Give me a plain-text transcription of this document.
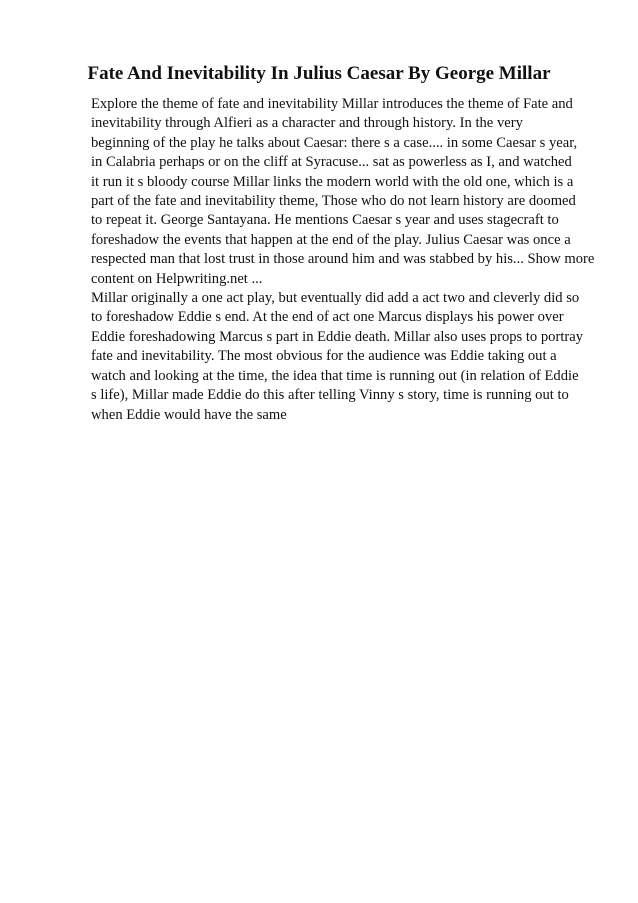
Fate And Inevitability In Julius Caesar By George Millar
Explore the theme of fate and inevitability Millar introduces the theme of Fate and
inevitability through Alfieri as a character and through history. In the very
beginning of the play he talks about Caesar: there s a case.... in some Caesar s year,
in Calabria perhaps or on the cliff at Syracuse... sat as powerless as I, and watched
it run it s bloody course Millar links the modern world with the old one, which is a
part of the fate and inevitability theme, Those who do not learn history are doomed
to repeat it. George Santayana. He mentions Caesar s year and uses stagecraft to
foreshadow the events that happen at the end of the play. Julius Caesar was once a
respected man that lost trust in those around him and was stabbed by his... Show more
content on Helpwriting.net ...
Millar originally a one act play, but eventually did add a act two and cleverly did so
to foreshadow Eddie s end. At the end of act one Marcus displays his power over
Eddie foreshadowing Marcus s part in Eddie death. Millar also uses props to portray
fate and inevitability. The most obvious for the audience was Eddie taking out a
watch and looking at the time, the idea that time is running out (in relation of Eddie
s life), Millar made Eddie do this after telling Vinny s story, time is running out to
when Eddie would have the same
